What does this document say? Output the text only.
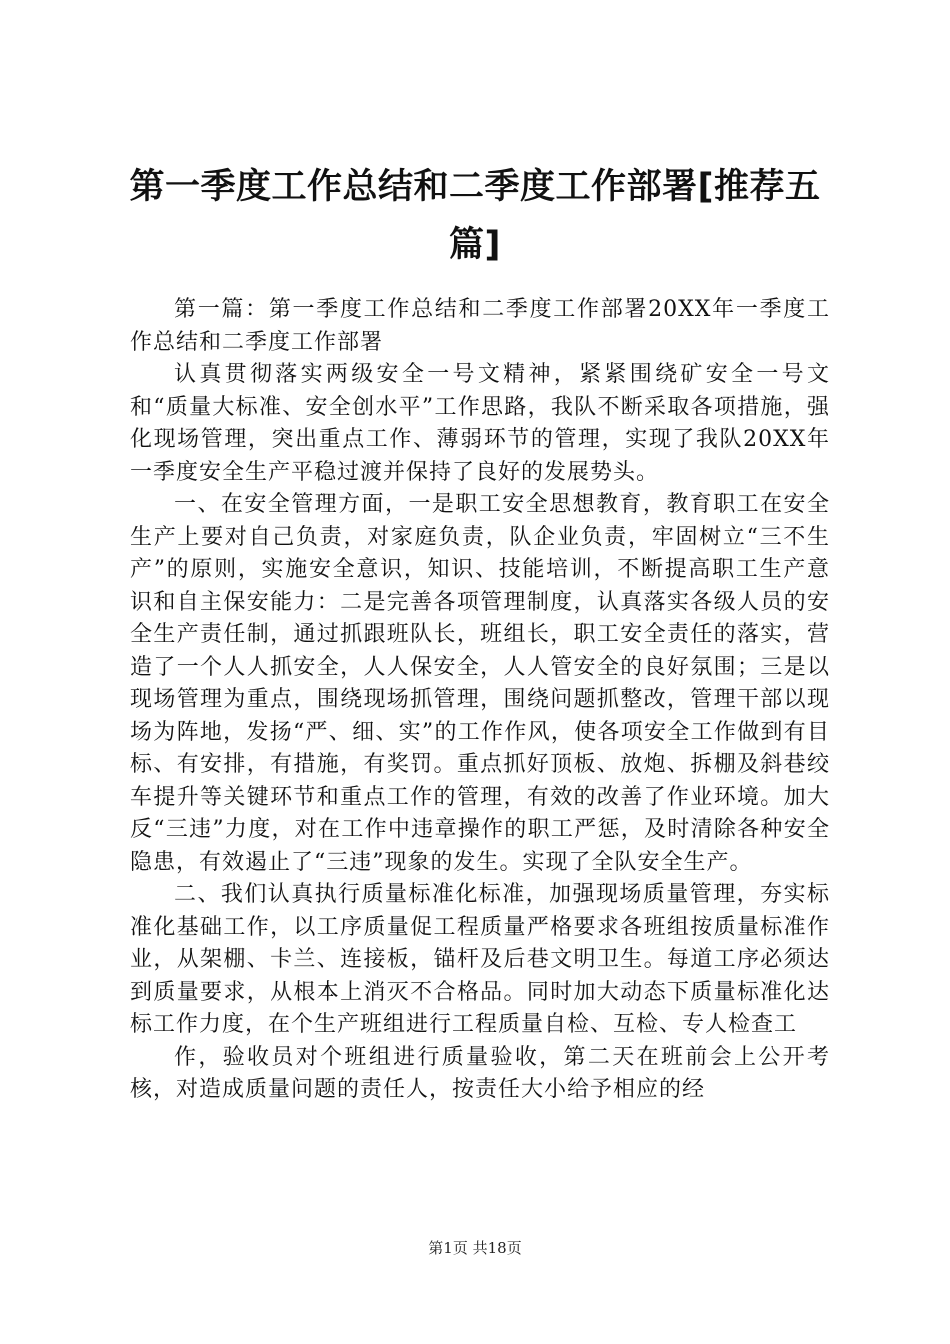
第一季度工作总结和二季度工作部署[推荐五篇]

第一篇：第一季度工作总结和二季度工作部署20XX年一季度工作总结和二季度工作部署

认真贯彻落实两级安全一号文精神，紧紧围绕矿安全一号文和“质量大标准、安全创水平”工作思路，我队不断采取各项措施，强化现场管理，突出重点工作、薄弱环节的管理，实现了我队20XX年一季度安全生产平稳过渡并保持了良好的发展势头。

一、在安全管理方面，一是职工安全思想教育，教育职工在安全生产上要对自己负责，对家庭负责，队企业负责，牢固树立“三不生产”的原则，实施安全意识，知识、技能培训，不断提高职工生产意识和自主保安能力：二是完善各项管理制度，认真落实各级人员的安全生产责任制，通过抓跟班队长，班组长，职工安全责任的落实，营造了一个人人抓安全，人人保安全，人人管安全的良好氛围；三是以现场管理为重点，围绕现场抓管理，围绕问题抓整改，管理干部以现场为阵地，发扬“严、细、实”的工作作风，使各项安全工作做到有目标、有安排，有措施，有奖罚。重点抓好顶板、放炮、拆棚及斜巷绞车提升等关键环节和重点工作的管理，有效的改善了作业环境。加大反“三违”力度，对在工作中违章操作的职工严惩，及时清除各种安全隐患，有效遏止了“三违”现象的发生。实现了全队安全生产。

二、我们认真执行质量标准化标准，加强现场质量管理，夯实标准化基础工作，以工序质量促工程质量严格要求各班组按质量标准作业，从架棚、卡兰、连接板，锚杆及后巷文明卫生。每道工序必须达到质量要求，从根本上消灭不合格品。同时加大动态下质量标准化达标工作力度，在个生产班组进行工程质量自检、互检、专人检查工

作，验收员对个班组进行质量验收，第二天在班前会上公开考核，对造成质量问题的责任人，按责任大小给予相应的经

第1页 共18页
